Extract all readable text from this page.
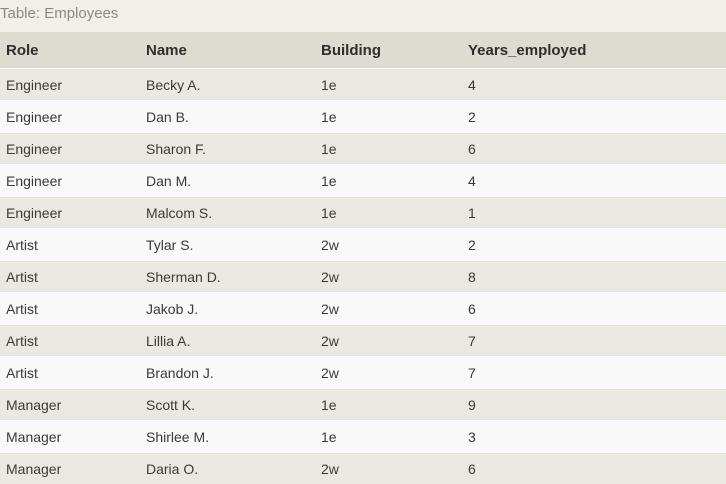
Table: Employees
Role	Name	Building	Years_employed
Engineer	Becky A.	1e	4
Engineer	Dan B.	1e	2
Engineer	Sharon F.	1e	6
Engineer	Dan M.	1e	4
Engineer	Malcom S.	1e	1
Artist	Tylar S.	2w	2
Artist	Sherman D.	2w	8
Artist	Jakob J.	2w	6
Artist	Lillia A.	2w	7
Artist	Brandon J.	2w	7
Manager	Scott K.	1e	9
Manager	Shirlee M.	1e	3
Manager	Daria O.	2w	6
